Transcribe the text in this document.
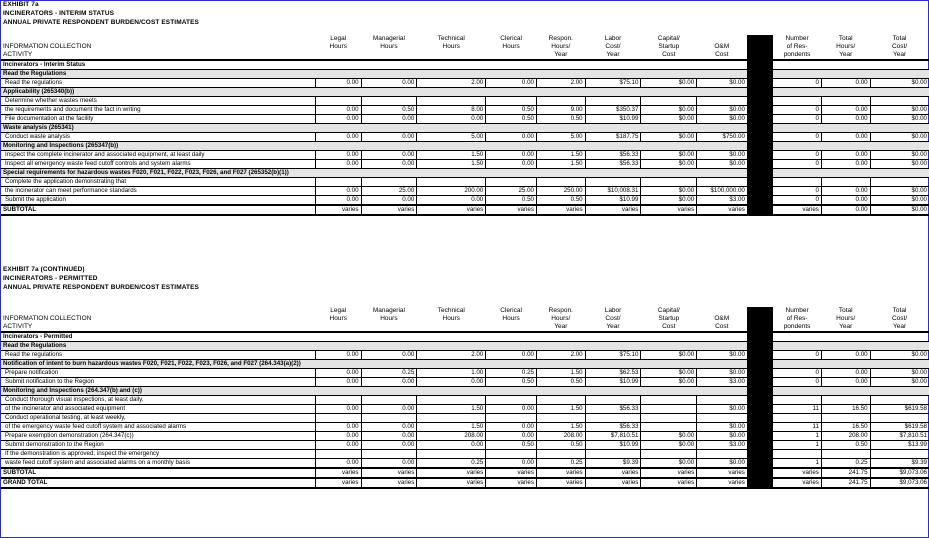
EXHIBIT 7a
INCINERATORS - INTERIM STATUS
ANNUAL PRIVATE RESPONDENT BURDEN/COST ESTIMATES
	Legal	Managerial	Technical	Clerical	Respon.	Labor	Capital/			Number	Total	Total
INFORMATION COLLECTION	Hours	Hours	Hours	Hours	Hours/	Cost/	Startup	O&M		of Res-	Hours/	Cost/
ACTIVITY					Year	Year	Cost	Cost		pondents	Year	Year
Incinerators - Interim Status												
Read the Regulations												
Read the regulations	0.00	0.00	2.00	0.00	2.00	$75.10	$0.00	$0.00		0	0.00	$0.00
Applicability (265340(b))												
Determine whether wastes meets												
the requirements and document the fact in writing	0.00	0.50	8.00	0.50	9.00	$350.37	$0.00	$0.00		0	0.00	$0.00
File documentation at the facility	0.00	0.00	0.00	0.50	0.50	$10.99	$0.00	$0.00		0	0.00	$0.00
Waste analysis (265341)												
Conduct waste analysis	0.00	0.00	5.00	0.00	5.00	$187.75	$0.00	$750.00		0	0.00	$0.00
Monitoring and Inspections (265347(b))												
Inspect the complete incinerator and associated equipment, at least daily	0.00	0.00	1.50	0.00	1.50	$56.33	$0.00	$0.00		0	0.00	$0.00
Inspect all emergency waste feed cutoff controls and system alarms	0.00	0.00	1.50	0.00	1.50	$56.33	$0.00	$0.00		0	0.00	$0.00
Special requirements for hazardous wastes F020, F021, F022, F023, F026, and F027 (265352(b)(1))												
Complete the application demonstrating that												
the incinerator can meet performance standards	0.00	25.00	200.00	25.00	250.00	$10,008.31	$0.00	$100,000.00		0	0.00	$0.00
Submit the application	0.00	0.00	0.00	0.50	0.50	$10.99	$0.00	$3.00		0	0.00	$0.00
SUBTOTAL	varies	varies	varies	varies	varies	varies	varies	varies		varies	0.00	$0.00
EXHIBIT 7a (CONTINUED)
INCINERATORS - PERMITTED
ANNUAL PRIVATE RESPONDENT BURDEN/COST ESTIMATES
	Legal	Managerial	Technical	Clerical	Respon.	Labor	Capital/			Number	Total	Total
INFORMATION COLLECTION	Hours	Hours	Hours	Hours	Hours/	Cost/	Startup	O&M		of Res-	Hours/	Cost/
ACTIVITY					Year	Year	Cost	Cost		pondents	Year	Year
Incinerators - Permitted												
Read the Regulations												
Read the regulations	0.00	0.00	2.00	0.00	2.00	$75.10	$0.00	$0.00		0	0.00	$0.00
Notification of intent to burn hazardous wastes F020, F021, F022, F023, F026, and F027 (264.343(a)(2))												
Prepare notification	0.00	0.25	1.00	0.25	1.50	$62.53	$0.00	$0.00		0	0.00	$0.00
Submit notification to the Region	0.00	0.00	0.00	0.50	0.50	$10.99	$0.00	$3.00		0	0.00	$0.00
Monitoring and Inspections (264.347(b) and (c))												
Conduct thorough visual inspections, at least daily,												
of the incinerator and associated equipment	0.00	0.00	1.50	0.00	1.50	$56.33		$0.00		11	16.50	$619.58
Conduct operational testing, at least weekly,												
of the emergency waste feed cutoff system and associated alarms	0.00	0.00	1.50	0.00	1.50	$56.33		$0.00		11	16.50	$619.58
Prepare exemption demonstration (264.347(c))	0.00	0.00	208.00	0.00	208.00	$7,810.51	$0.00	$0.00		1	208.00	$7,810.51
Submit demonstration to the Region	0.00	0.00	0.00	0.50	0.50	$10.99	$0.00	$3.00		1	0.50	$13.99
If the demonstration is approved, inspect the emergency												
waste feed cutoff system and associated alarms on a monthly basis	0.00	0.00	0.25	0.00	0.25	$9.39	$0.00	$0.00		1	0.25	$9.39
SUBTOTAL	varies	varies	varies	varies	varies	varies	varies	varies		varies	241.75	$9,073.06
GRAND TOTAL	varies	varies	varies	varies	varies	varies	varies	varies		varies	241.75	$9,073.06
